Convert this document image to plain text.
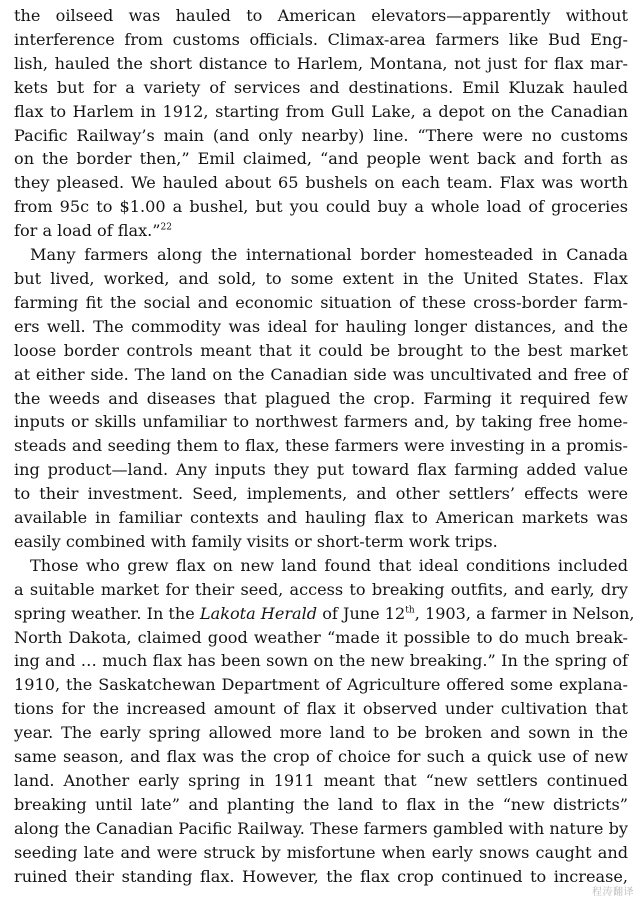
the oilseed was hauled to American elevators—apparently without
interference from customs officials. Climax-area farmers like Bud Eng-
lish, hauled the short distance to Harlem, Montana, not just for flax mar-
kets but for a variety of services and destinations. Emil Kluzak hauled
flax to Harlem in 1912, starting from Gull Lake, a depot on the Canadian
Pacific Railway’s main (and only nearby) line. “There were no customs
on the border then,” Emil claimed, “and people went back and forth as
they pleased. We hauled about 65 bushels on each team. Flax was worth
from 95c to $1.00 a bushel, but you could buy a whole load of groceries
for a load of flax.”$^{22}$

Many farmers along the international border homesteaded in Canada
but lived, worked, and sold, to some extent in the United States. Flax
farming fit the social and economic situation of these cross-border farm-
ers well. The commodity was ideal for hauling longer distances, and the
loose border controls meant that it could be brought to the best market
at either side. The land on the Canadian side was uncultivated and free of
the weeds and diseases that plagued the crop. Farming it required few
inputs or skills unfamiliar to northwest farmers and, by taking free home-
steads and seeding them to flax, these farmers were investing in a promis-
ing product—land. Any inputs they put toward flax farming added value
to their investment. Seed, implements, and other settlers’ effects were
available in familiar contexts and hauling flax to American markets was
easily combined with family visits or short-term work trips.

Those who grew flax on new land found that ideal conditions included
a suitable market for their seed, access to breaking outfits, and early, dry
spring weather. In the Lakota Herald of June 12th, 1903, a farmer in Nelson,
North Dakota, claimed good weather “made it possible to do much break-
ing and … much flax has been sown on the new breaking.” In the spring of
1910, the Saskatchewan Department of Agriculture offered some explana-
tions for the increased amount of flax it observed under cultivation that
year. The early spring allowed more land to be broken and sown in the
same season, and flax was the crop of choice for such a quick use of new
land. Another early spring in 1911 meant that “new settlers continued
breaking until late” and planting the land to flax in the “new districts”
along the Canadian Pacific Railway. These farmers gambled with nature by
seeding late and were struck by misfortune when early snows caught and
ruined their standing flax. However, the flax crop continued to increase,

程涛翻译
